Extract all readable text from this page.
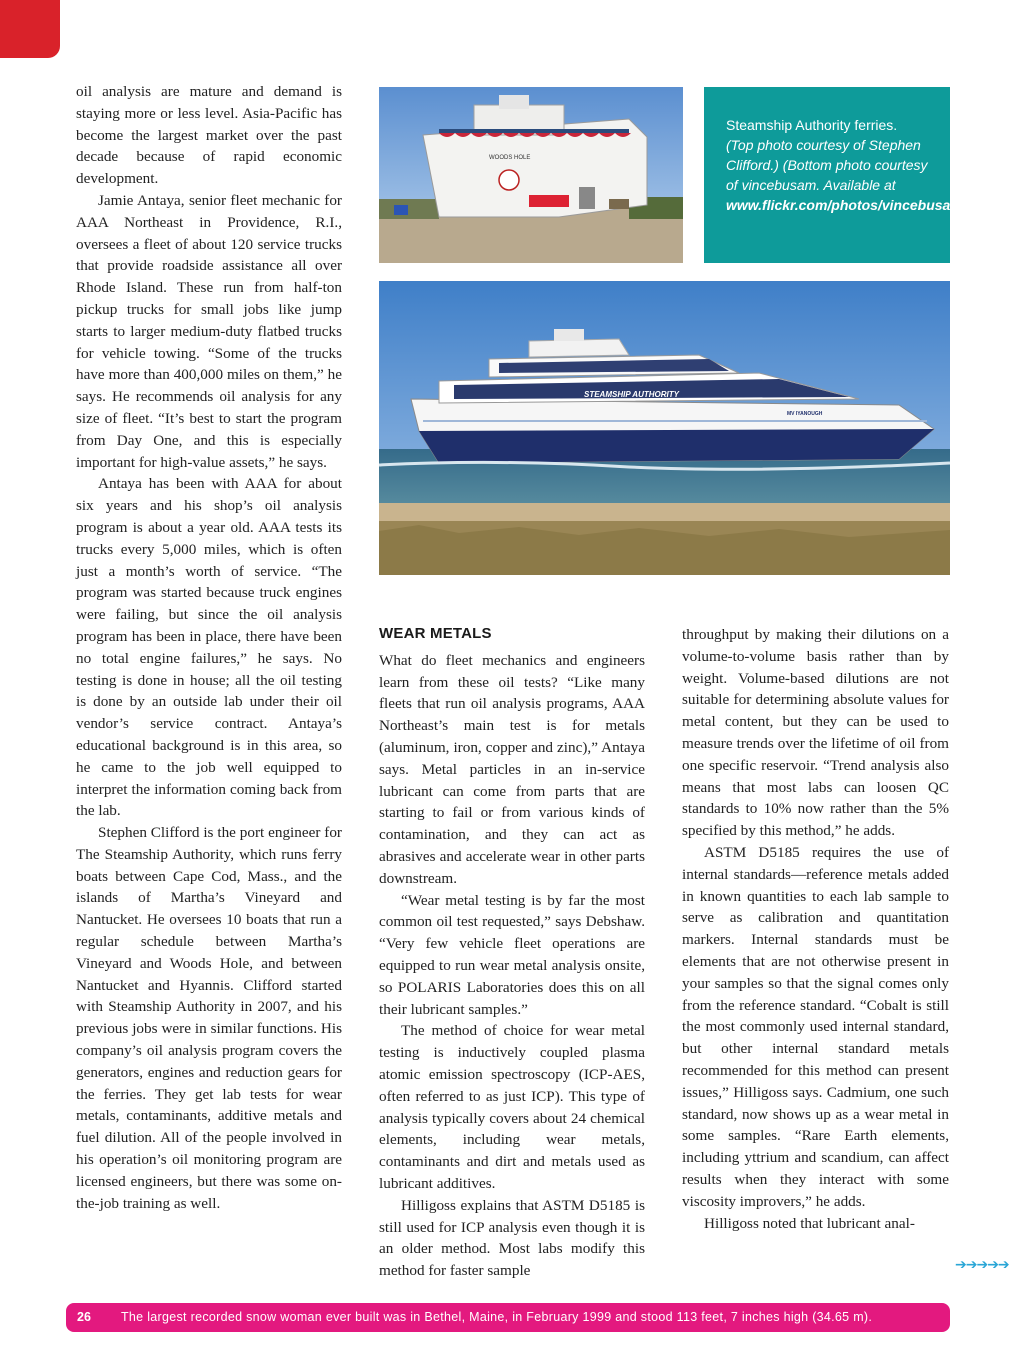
oil analysis are mature and demand is staying more or less level. Asia-Pacific has become the largest market over the past decade because of rapid economic development.

Jamie Antaya, senior fleet mechanic for AAA Northeast in Providence, R.I., oversees a fleet of about 120 service trucks that provide roadside assistance all over Rhode Island. These run from half-ton pickup trucks for small jobs like jump starts to larger medium-duty flatbed trucks for vehicle towing. “Some of the trucks have more than 400,000 miles on them,” he says. He recommends oil analysis for any size of fleet. “It’s best to start the program from Day One, and this is especially important for high-value assets,” he says.

Antaya has been with AAA for about six years and his shop’s oil analysis program is about a year old. AAA tests its trucks every 5,000 miles, which is often just a month’s worth of service. “The program was started because truck engines were failing, but since the oil analysis program has been in place, there have been no total engine failures,” he says. No testing is done in house; all the oil testing is done by an outside lab under their oil vendor’s service contract. Antaya’s educational background is in this area, so he came to the job well equipped to interpret the information coming back from the lab.

Stephen Clifford is the port engineer for The Steamship Authority, which runs ferry boats between Cape Cod, Mass., and the islands of Martha’s Vineyard and Nantucket. He oversees 10 boats that run a regular schedule between Martha’s Vineyard and Woods Hole, and between Nantucket and Hyannis. Clifford started with Steamship Authority in 2007, and his previous jobs were in similar functions. His company’s oil analysis program covers the generators, engines and reduction gears for the ferries. They get lab tests for wear metals, contaminants, additive metals and fuel dilution. All of the people involved in his operation’s oil monitoring program are licensed engineers, but there was some on-the-job training as well.

WOODS HOLE
Steamship Authority ferries.
(Top photo courtesy of Stephen Clifford.) (Bottom photo courtesy of vincebusam. Available at
www.flickr.com/photos/vincebusam/.)
STEAMSHIP AUTHORITY
MV IYANOUGH
WEAR METALS

What do fleet mechanics and engineers learn from these oil tests? “Like many fleets that run oil analysis programs, AAA Northeast’s main test is for metals (aluminum, iron, copper and zinc),” Antaya says. Metal particles in an in-service lubricant can come from parts that are starting to fail or from various kinds of contamination, and they can act as abrasives and accelerate wear in other parts downstream.

“Wear metal testing is by far the most common oil test requested,” says Debshaw. “Very few vehicle fleet operations are equipped to run wear metal analysis onsite, so POLARIS Laboratories does this on all their lubricant samples.”

The method of choice for wear metal testing is inductively coupled plasma atomic emission spectroscopy (ICP-AES, often referred to as just ICP). This type of analysis typically covers about 24 chemical elements, including wear metals, contaminants and dirt and metals used as lubricant additives.

Hilligoss explains that ASTM D5185 is still used for ICP analysis even though it is an older method. Most labs modify this method for faster sample

throughput by making their dilutions on a volume-to-volume basis rather than by weight. Volume-based dilutions are not suitable for determining absolute values for metal content, but they can be used to measure trends over the lifetime of oil from one specific reservoir. “Trend analysis also means that most labs can loosen QC standards to 10% now rather than the 5% specified by this method,” he adds.

ASTM D5185 requires the use of internal standards—reference metals added in known quantities to each lab sample to serve as calibration and quantitation markers. Internal standards must be elements that are not otherwise present in your samples so that the signal comes only from the reference standard. “Cobalt is still the most commonly used internal standard, but other internal standard metals recommended for this method can present issues,” Hilligoss says. Cadmium, one such standard, now shows up as a wear metal in some samples. “Rare Earth elements, including yttrium and scandium, can affect results when they interact with some viscosity improvers,” he adds.

Hilligoss noted that lubricant anal-

➔➔➔➔➔
26 The largest recorded snow woman ever built was in Bethel, Maine, in February 1999 and stood 113 feet, 7 inches high (34.65 m).
